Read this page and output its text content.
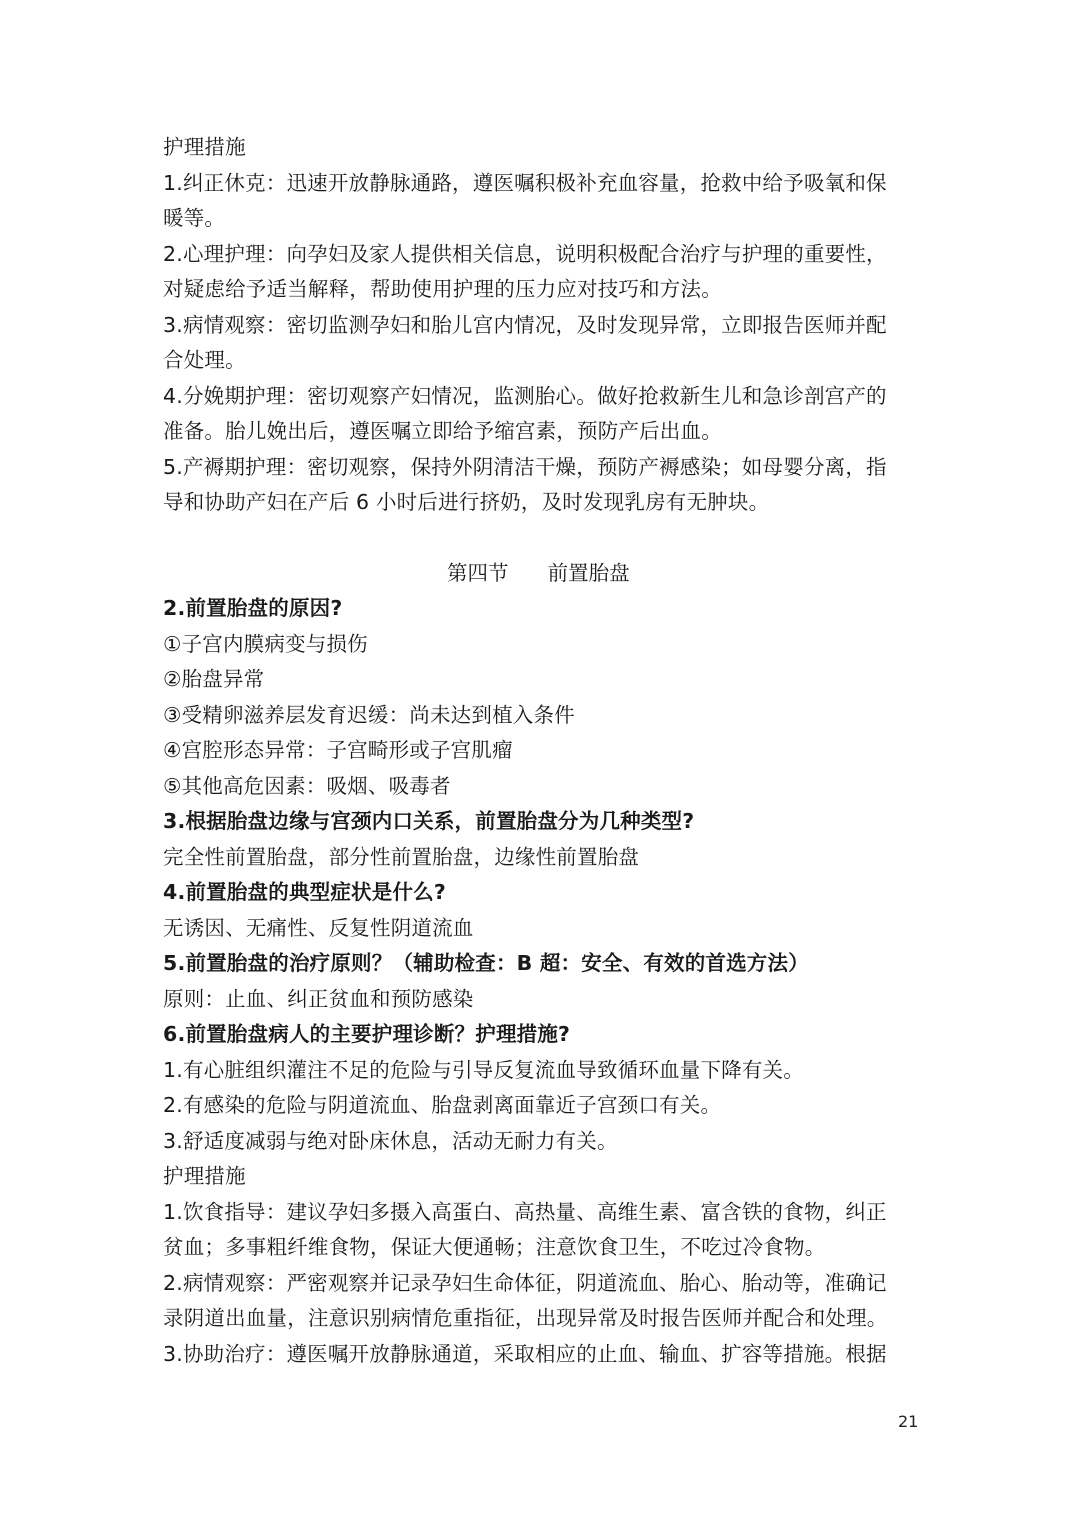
护理措施

1.纠正休克：迅速开放静脉通路，遵医嘱积极补充血容量，抢救中给予吸氧和保

暖等。

2.心理护理：向孕妇及家人提供相关信息，说明积极配合治疗与护理的重要性，

对疑虑给予适当解释，帮助使用护理的压力应对技巧和方法。

3.病情观察：密切监测孕妇和胎儿宫内情况，及时发现异常，立即报告医师并配

合处理。

4.分娩期护理：密切观察产妇情况，监测胎心。做好抢救新生儿和急诊剖宫产的

准备。胎儿娩出后，遵医嘱立即给予缩宫素，预防产后出血。

5.产褥期护理：密切观察，保持外阴清洁干燥，预防产褥感染；如母婴分离，指

导和协助产妇在产后 6 小时后进行挤奶，及时发现乳房有无肿块。

第四节 前置胎盘

2.前置胎盘的原因?

①子宫内膜病变与损伤

②胎盘异常

③受精卵滋养层发育迟缓：尚未达到植入条件

④宫腔形态异常：子宫畸形或子宫肌瘤

⑤其他高危因素：吸烟、吸毒者

3.根据胎盘边缘与宫颈内口关系，前置胎盘分为几种类型?

完全性前置胎盘，部分性前置胎盘，边缘性前置胎盘

4.前置胎盘的典型症状是什么?

无诱因、无痛性、反复性阴道流血

5.前置胎盘的治疗原则？（辅助检查：B 超：安全、有效的首选方法）

原则：止血、纠正贫血和预防感染

6.前置胎盘病人的主要护理诊断？护理措施?

1.有心脏组织灌注不足的危险与引导反复流血导致循环血量下降有关。

2.有感染的危险与阴道流血、胎盘剥离面靠近子宫颈口有关。

3.舒适度减弱与绝对卧床休息，活动无耐力有关。

护理措施

1.饮食指导：建议孕妇多摄入高蛋白、高热量、高维生素、富含铁的食物，纠正

贫血；多事粗纤维食物，保证大便通畅；注意饮食卫生，不吃过冷食物。

2.病情观察：严密观察并记录孕妇生命体征，阴道流血、胎心、胎动等，准确记

录阴道出血量，注意识别病情危重指征，出现异常及时报告医师并配合和处理。

3.协助治疗：遵医嘱开放静脉通道，采取相应的止血、输血、扩容等措施。根据

21
